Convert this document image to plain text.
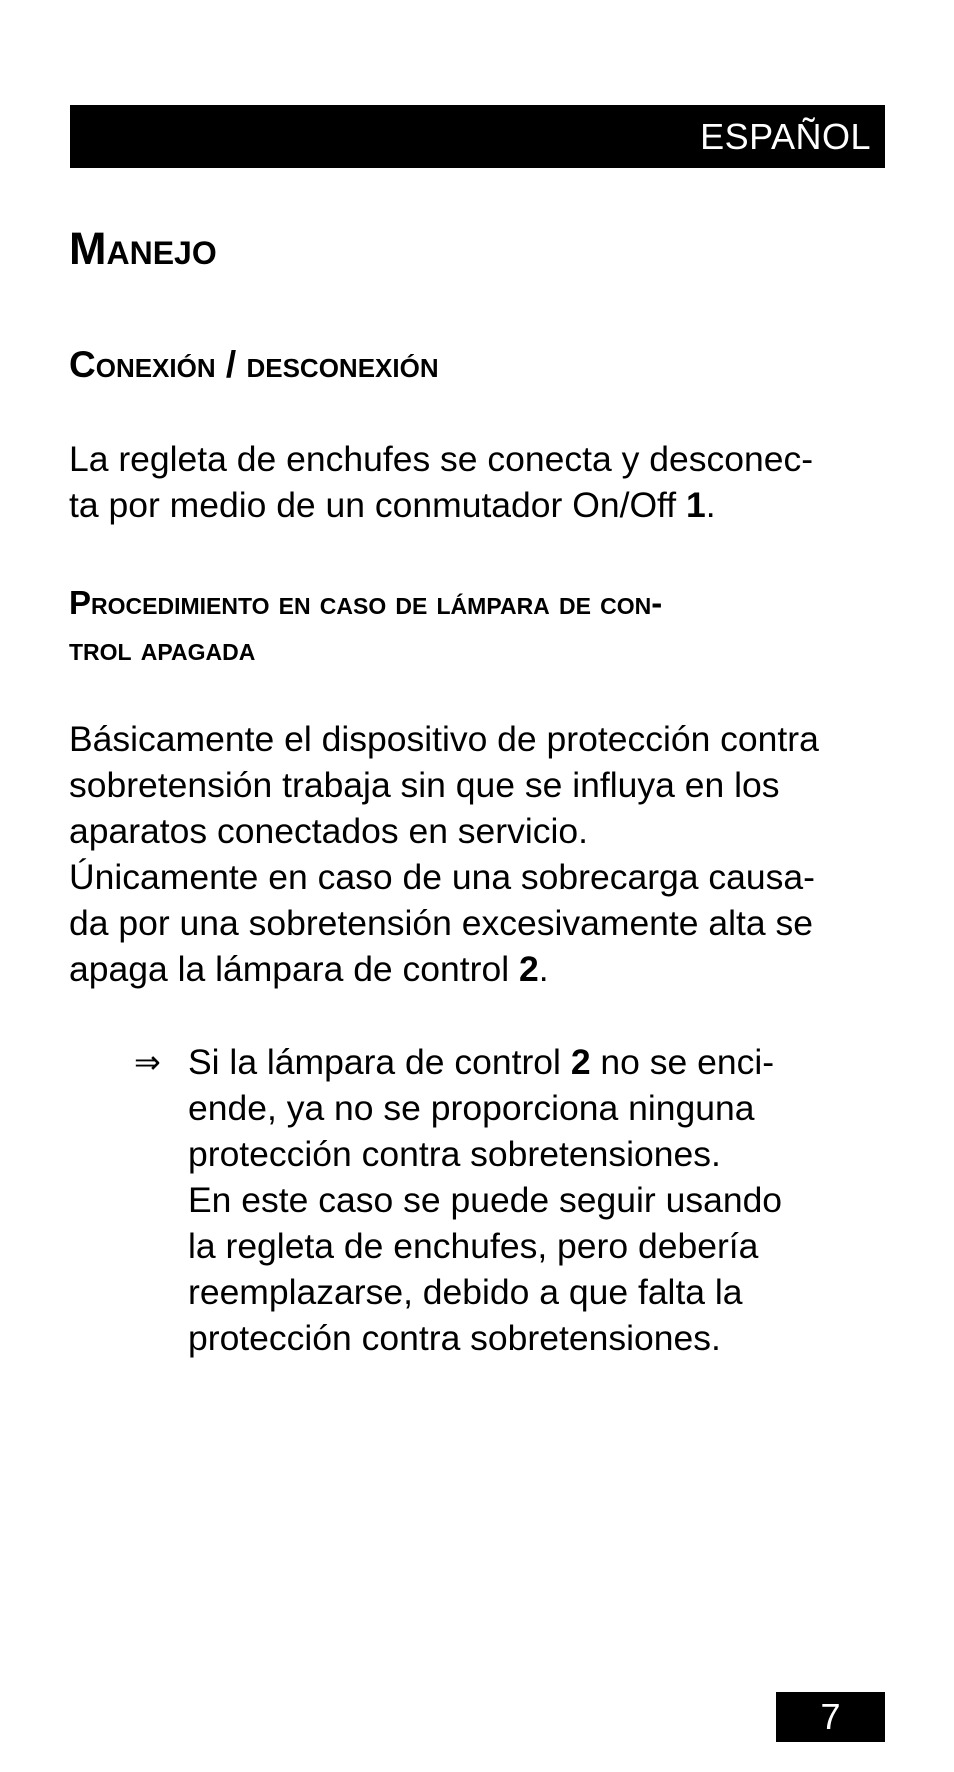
ESPAÑOL
Manejo
Conexión / desconexión

La regleta de enchufes se conecta y desconec-
ta por medio de un conmutador On/Off 1.

Procedimiento en caso de lámpara de con-
trol apagada

Básicamente el dispositivo de protección contra
sobretensión trabaja sin que se influya en los
aparatos conectados en servicio.
Únicamente en caso de una sobrecarga causa-
da por una sobretensión excesivamente alta se
apaga la lámpara de control 2.

⇒ Si la lámpara de control 2 no se enci-
ende, ya no se proporciona ninguna
protección contra sobretensiones.
En este caso se puede seguir usando
la regleta de enchufes, pero debería
reemplazarse, debido a que falta la
protección contra sobretensiones.
7
